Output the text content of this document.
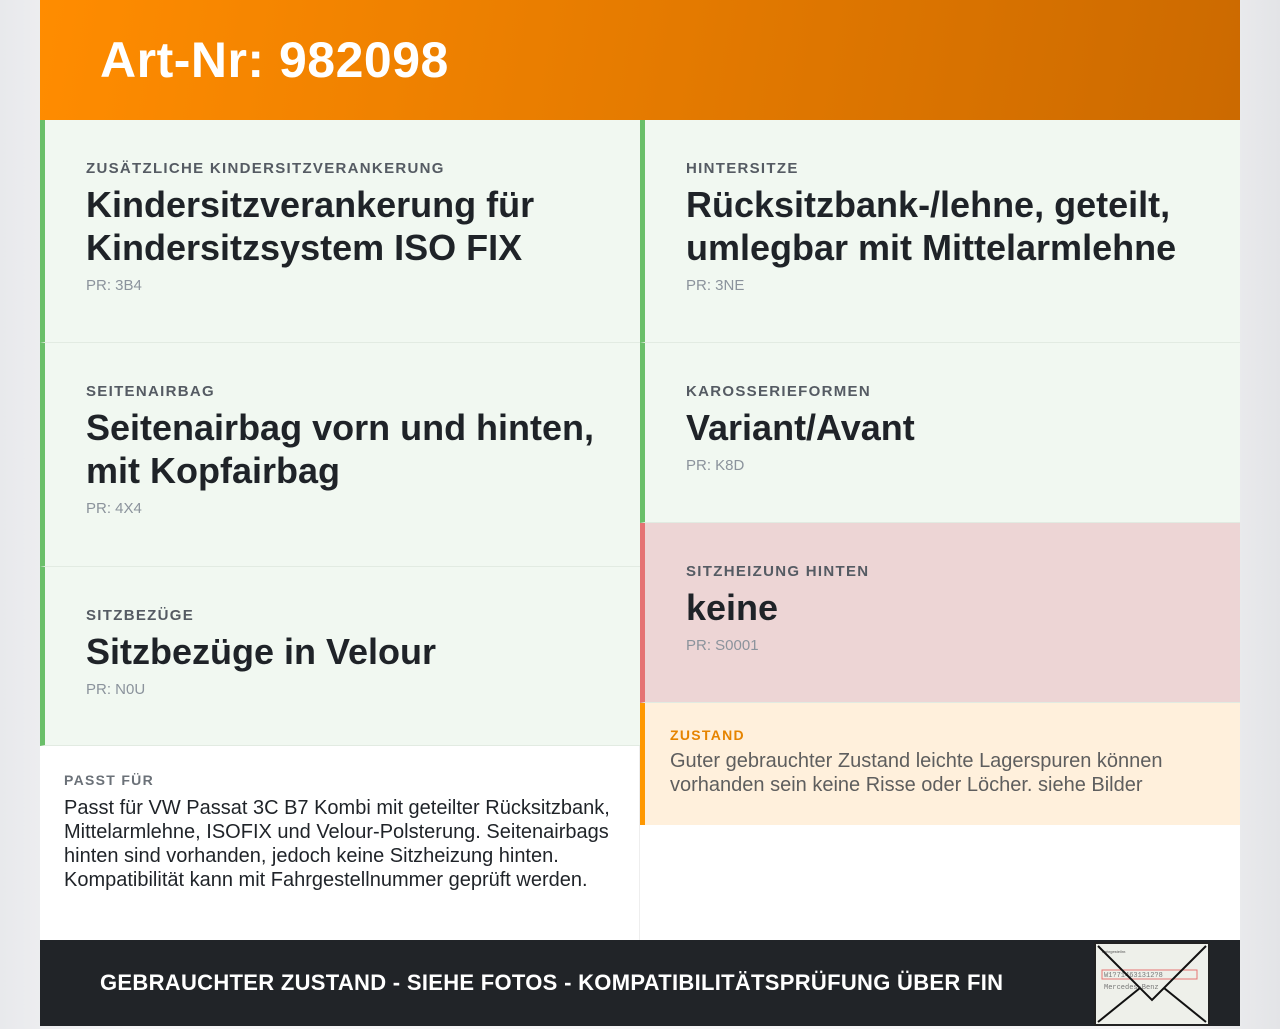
Art-Nr: 982098
ZUSÄTZLICHE KINDERSITZVERANKERUNG
Kindersitzverankerung für Kindersitzsystem ISO FIX
PR: 3B4
SEITENAIRBAG
Seitenairbag vorn und hinten, mit Kopfairbag
PR: 4X4
SITZBEZÜGE
Sitzbezüge in Velour
PR: N0U
PASST FÜR

Passt für VW Passat 3C B7 Kombi mit geteilter Rücksitzbank, Mittelarmlehne, ISOFIX und Velour-Polsterung. Seitenairbags hinten sind vorhanden, jedoch keine Sitzheizung hinten. Kompatibilität kann mit Fahrgestellnummer geprüft werden.

HINTERSITZE
Rücksitzbank-/lehne, geteilt, umlegbar mit Mittelarmlehne
PR: 3NE
KAROSSERIEFORMEN
Variant/Avant
PR: K8D
SITZHEIZUNG HINTEN
keine
PR: S0001
ZUSTAND

Guter gebrauchter Zustand leichte Lagerspuren können vorhanden sein keine Risse oder Löcher. siehe Bilder

GEBRAUCHTER ZUSTAND - SIEHE FOTOS - KOMPATIBILITÄTSPRÜFUNG ÜBER FIN
Fahrgestellnr.
W1?714631312?8
Mercedes-Benz
